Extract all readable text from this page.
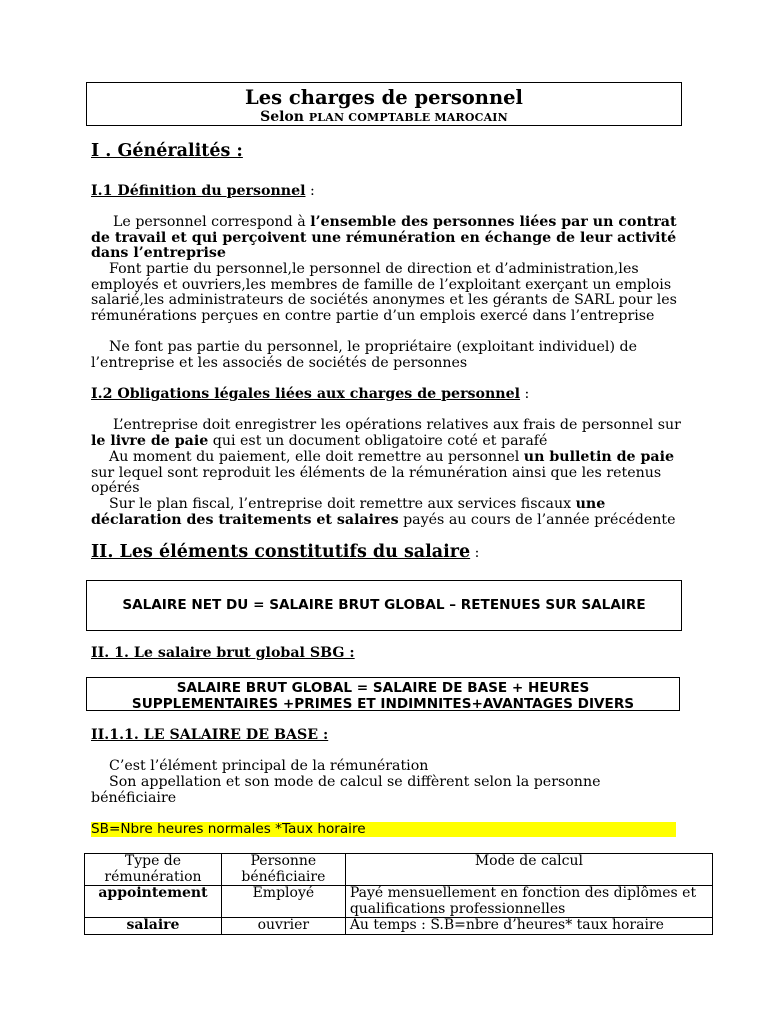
Les charges de personnel
Selon PLAN COMPTABLE MAROCAIN
I . Généralités :
I.1 Définition du personnel :
Le personnel correspond à l’ensemble des personnes liées par un contrat de travail et qui perçoivent une rémunération en échange de leur activité dans l’entreprise
Font partie du personnel,le personnel de direction et d’administration,les employés et ouvriers,les membres de famille de l’exploitant exerçant un emplois salarié,les administrateurs de sociétés anonymes et les gérants de SARL pour les rémunérations perçues en contre partie d’un emplois exercé dans l’entreprise
Ne font pas partie du personnel, le propriétaire (exploitant individuel) de l’entreprise et les associés de sociétés de personnes
I.2 Obligations légales liées aux charges de personnel :
L’entreprise doit enregistrer les opérations relatives aux frais de personnel sur le livre de paie qui est un document obligatoire coté et parafé
Au moment du paiement, elle doit remettre au personnel un bulletin de paie sur lequel sont reproduit les éléments de la rémunération ainsi que les retenus opérés
Sur le plan fiscal, l’entreprise doit remettre aux services fiscaux une déclaration des traitements et salaires payés au cours de l’année précédente
II. Les éléments constitutifs du salaire :
SALAIRE NET DU = SALAIRE BRUT GLOBAL – RETENUES SUR SALAIRE
II. 1. Le salaire brut global SBG :
SALAIRE BRUT GLOBAL = SALAIRE DE BASE + HEURES
SUPPLEMENTAIRES +PRIMES ET INDIMNITES+AVANTAGES DIVERS
II.1.1. LE SALAIRE DE BASE :
C’est l’élément principal de la rémunération
Son appellation et son mode de calcul se diffèrent selon la personne bénéficiaire
SB=Nbre heures normales *Taux horaire
Type de rémunération	Personne bénéficiaire	Mode de calcul
appointement	Employé	Payé mensuellement en fonction des diplômes et qualifications professionnelles
salaire	ouvrier	Au temps : S.B=nbre d’heures* taux horaire
